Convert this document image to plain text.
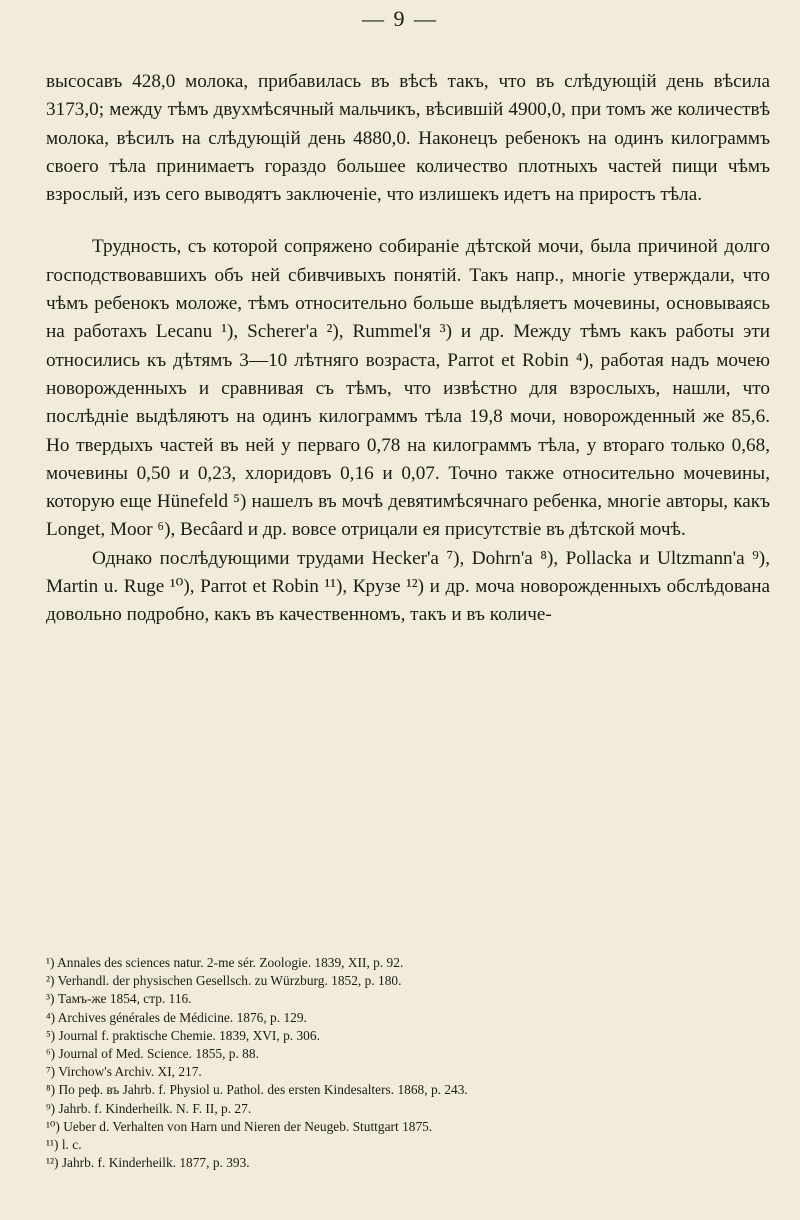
— 9 —

высосавъ 428,0 молока, прибавилась въ вѣсѣ такъ, что въ слѣдующій день вѣсила 3173,0; между тѣмъ двухмѣсячный мальчикъ, вѣсившій 4900,0, при томъ же количествѣ молока, вѣсилъ на слѣдующій день 4880,0. Наконецъ ребенокъ на одинъ килограммъ своего тѣла принимаетъ гораздо большее количество плотныхъ частей пищи чѣмъ взрослый, изъ сего выводятъ заключеніе, что излишекъ идетъ на приростъ тѣла.

Трудность, съ которой сопряжено собираніе дѣтской мочи, была причиной долго господствовавшихъ объ ней сбивчивыхъ понятій. Такъ напр., многіе утверждали, что чѣмъ ребенокъ моложе, тѣмъ относительно больше выдѣляетъ мочевины, основываясь на работахъ Lecanu ¹), Scherer'a ²), Rummel'я ³) и др. Между тѣмъ какъ работы эти относились къ дѣтямъ 3—10 лѣтняго возраста, Parrot et Robin ⁴), работая надъ мочею новорожденныхъ и сравнивая съ тѣмъ, что извѣстно для взрослыхъ, нашли, что послѣдніе выдѣляютъ на одинъ килограммъ тѣла 19,8 мочи, новорожденный же 85,6. Но твердыхъ частей въ ней у перваго 0,78 на килограммъ тѣла, у втораго только 0,68, мочевины 0,50 и 0,23, хлоридовъ 0,16 и 0,07. Точно также относительно мочевины, которую еще Hünefeld ⁵) нашелъ въ мочѣ девятимѣсячнаго ребенка, многіе авторы, какъ Longet, Moor ⁶), Becâard и др. вовсе отрицали ея присутствіе въ дѣтской мочѣ.

Однако послѣдующими трудами Hecker'a ⁷), Dohrn'a ⁸), Pollacka и Ultzmann'a ⁹), Martin u. Ruge ¹⁰), Parrot et Robin ¹¹), Крузе ¹²) и др. моча новорожденныхъ обслѣдована довольно подробно, какъ въ качественномъ, такъ и въ количе-

¹) Annales des sciences natur. 2-me sér. Zoologie. 1839, XII, p. 92.
²) Verhandl. der physischen Gesellsch. zu Würzburg. 1852, p. 180.
³) Тамъ-же 1854, стр. 116.
⁴) Archives générales de Médicine. 1876, p. 129.
⁵) Journal f. praktische Chemie. 1839, XVI, p. 306.
⁶) Journal of Med. Science. 1855, p. 88.
⁷) Virchow's Archiv. XI, 217.
⁸) По реф. въ Jahrb. f. Physiol u. Pathol. des ersten Kindesalters. 1868, p. 243.
⁹) Jahrb. f. Kinderheilk. N. F. II, p. 27.
¹⁰) Ueber d. Verhalten von Harn und Nieren der Neugeb. Stuttgart 1875.
¹¹) l. c.
¹²) Jahrb. f. Kinderheilk. 1877, p. 393.
